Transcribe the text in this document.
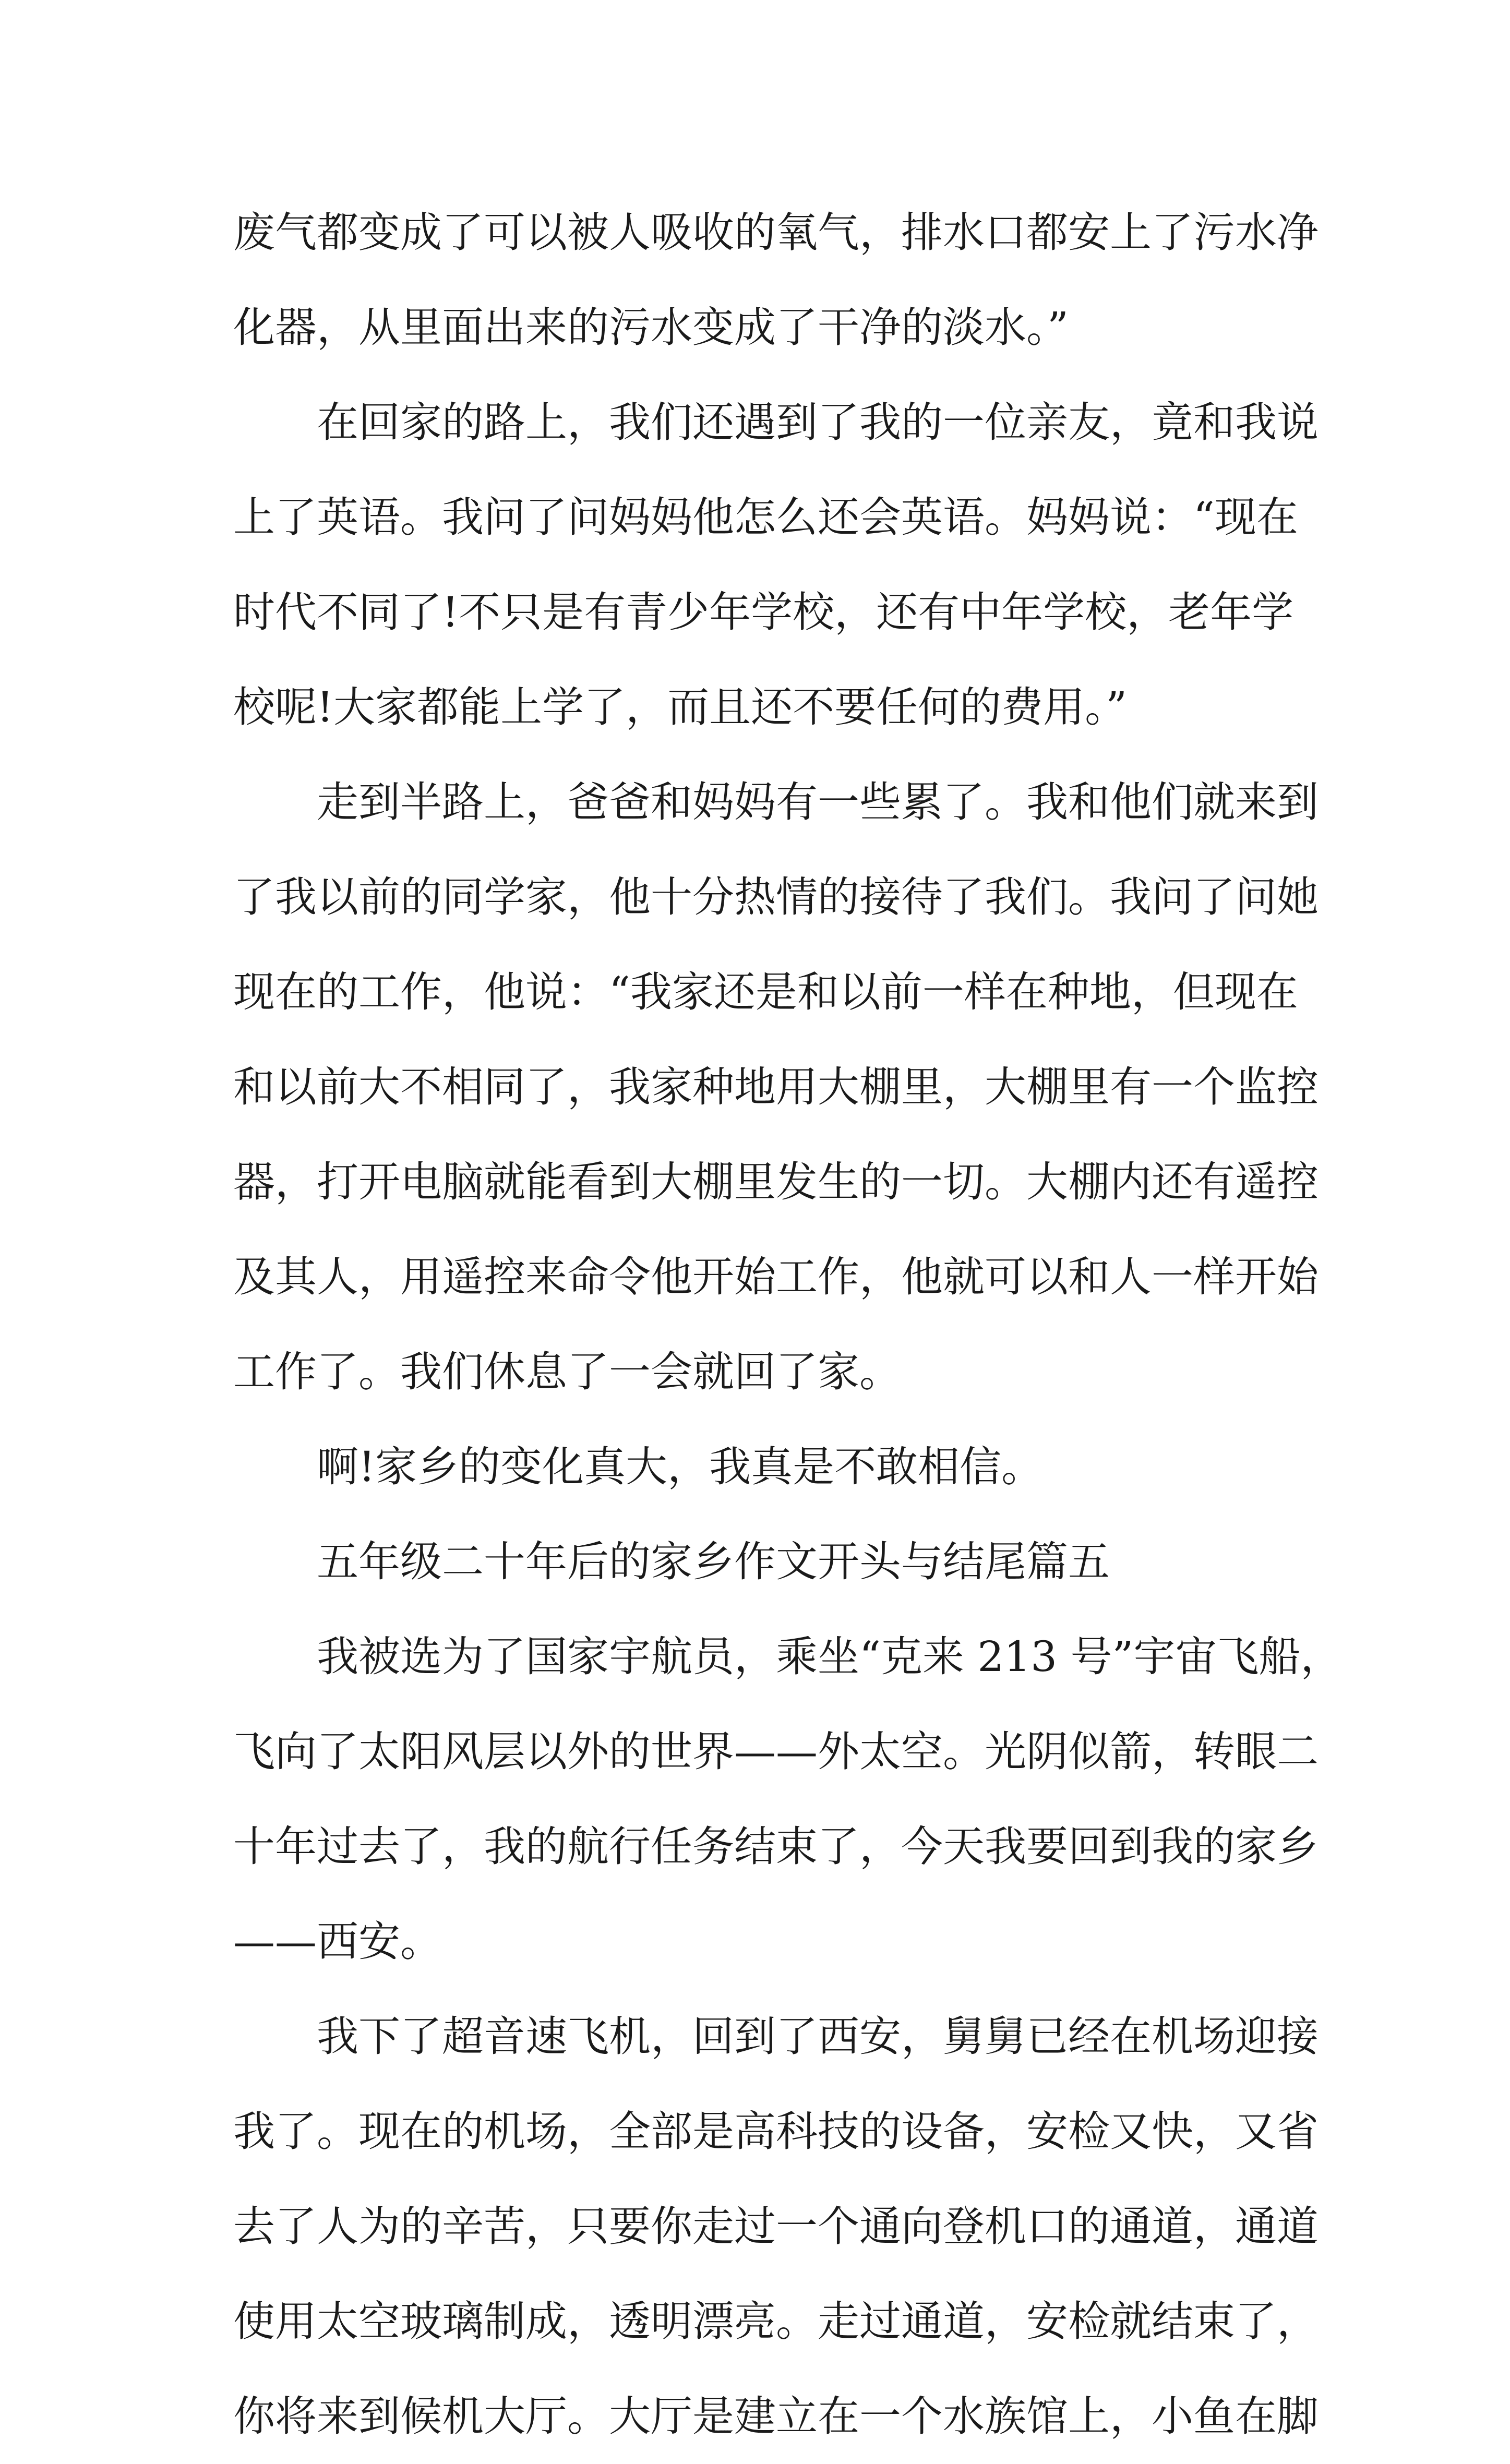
废气都变成了可以被人吸收的氧气，排水口都安上了污水净
化器，从里面出来的污水变成了干净的淡水。”
在回家的路上，我们还遇到了我的一位亲友，竟和我说
上了英语。我问了问妈妈他怎么还会英语。妈妈说：“现在
时代不同了!不只是有青少年学校，还有中年学校，老年学
校呢!大家都能上学了，而且还不要任何的费用。”
走到半路上，爸爸和妈妈有一些累了。我和他们就来到
了我以前的同学家，他十分热情的接待了我们。我问了问她
现在的工作，他说：“我家还是和以前一样在种地，但现在
和以前大不相同了，我家种地用大棚里，大棚里有一个监控
器，打开电脑就能看到大棚里发生的一切。大棚内还有遥控
及其人，用遥控来命令他开始工作，他就可以和人一样开始
工作了。我们休息了一会就回了家。
啊!家乡的变化真大，我真是不敢相信。
五年级二十年后的家乡作文开头与结尾篇五
我被选为了国家宇航员，乘坐“克来 213 号”宇宙飞船，
飞向了太阳风层以外的世界——外太空。光阴似箭，转眼二
十年过去了，我的航行任务结束了，今天我要回到我的家乡
——西安。
我下了超音速飞机，回到了西安，舅舅已经在机场迎接
我了。现在的机场，全部是高科技的设备，安检又快，又省
去了人为的辛苦，只要你走过一个通向登机口的通道，通道
使用太空玻璃制成，透明漂亮。走过通道，安检就结束了，
你将来到候机大厅。大厅是建立在一个水族馆上，小鱼在脚
